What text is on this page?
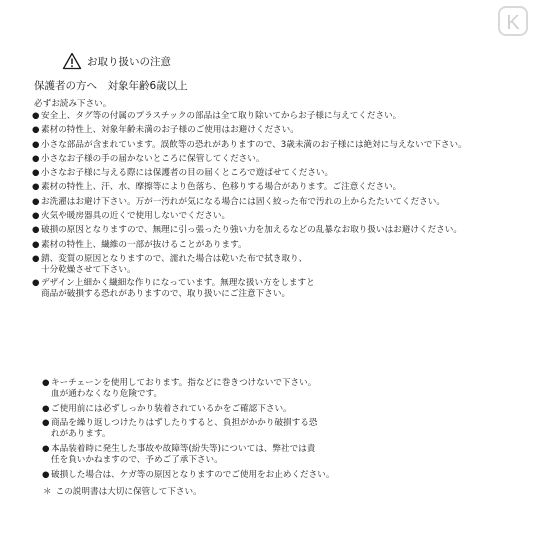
K
お取り扱いの注意
保護者の方へ　対象年齢6歳以上
必ずお読み下さい。
● 安全上、タグ等の付属のプラスチックの部品は全て取り除いてからお子様に与えてください。
● 素材の特性上、対象年齢未満のお子様のご使用はお避けください。
● 小さな部品が含まれています。誤飲等の恐れがありますので、3歳未満のお子様には絶対に与えないで下さい。
● 小さなお子様の手の届かないところに保管してください。
● 小さなお子様に与える際には保護者の目の届くところで遊ばせてください。
● 素材の特性上、汗、水、摩擦等により色落ち、色移りする場合があります。ご注意ください。
● お洗濯はお避け下さい。万が一汚れが気になる場合には固く絞った布で汚れの上からたたいてください。
● 火気や暖房器具の近くで使用しないでください。
● 破損の原因となりますので、無理に引っ張ったり強い力を加えるなどの乱暴なお取り扱いはお避けください。
● 素材の特性上、繊維の一部が抜けることがあります。
● 錆、変質の原因となりますので、濡れた場合は乾いた布で拭き取り、
十分乾燥させて下さい。
● デザイン上細かく繊細な作りになっています。無理な扱い方をしますと
商品が破損する恐れがありますので、取り扱いにご注意下さい。
● キーチェーンを使用しております。指などに巻きつけないで下さい。
血が通わなくなり危険です。
● ご使用前には必ずしっかり装着されているかをご確認下さい。
● 商品を繰り返しつけたりはずしたりすると、負担がかかり破損する恐
れがあります。
● 本品装着時に発生した事故や故障等(紛失等)については、弊社では責
任を負いかねますので、予めご了承下さい。
● 破損した場合は、ケガ等の原因となりますのでご使用をお止めください。
＊ この説明書は大切に保管して下さい。
